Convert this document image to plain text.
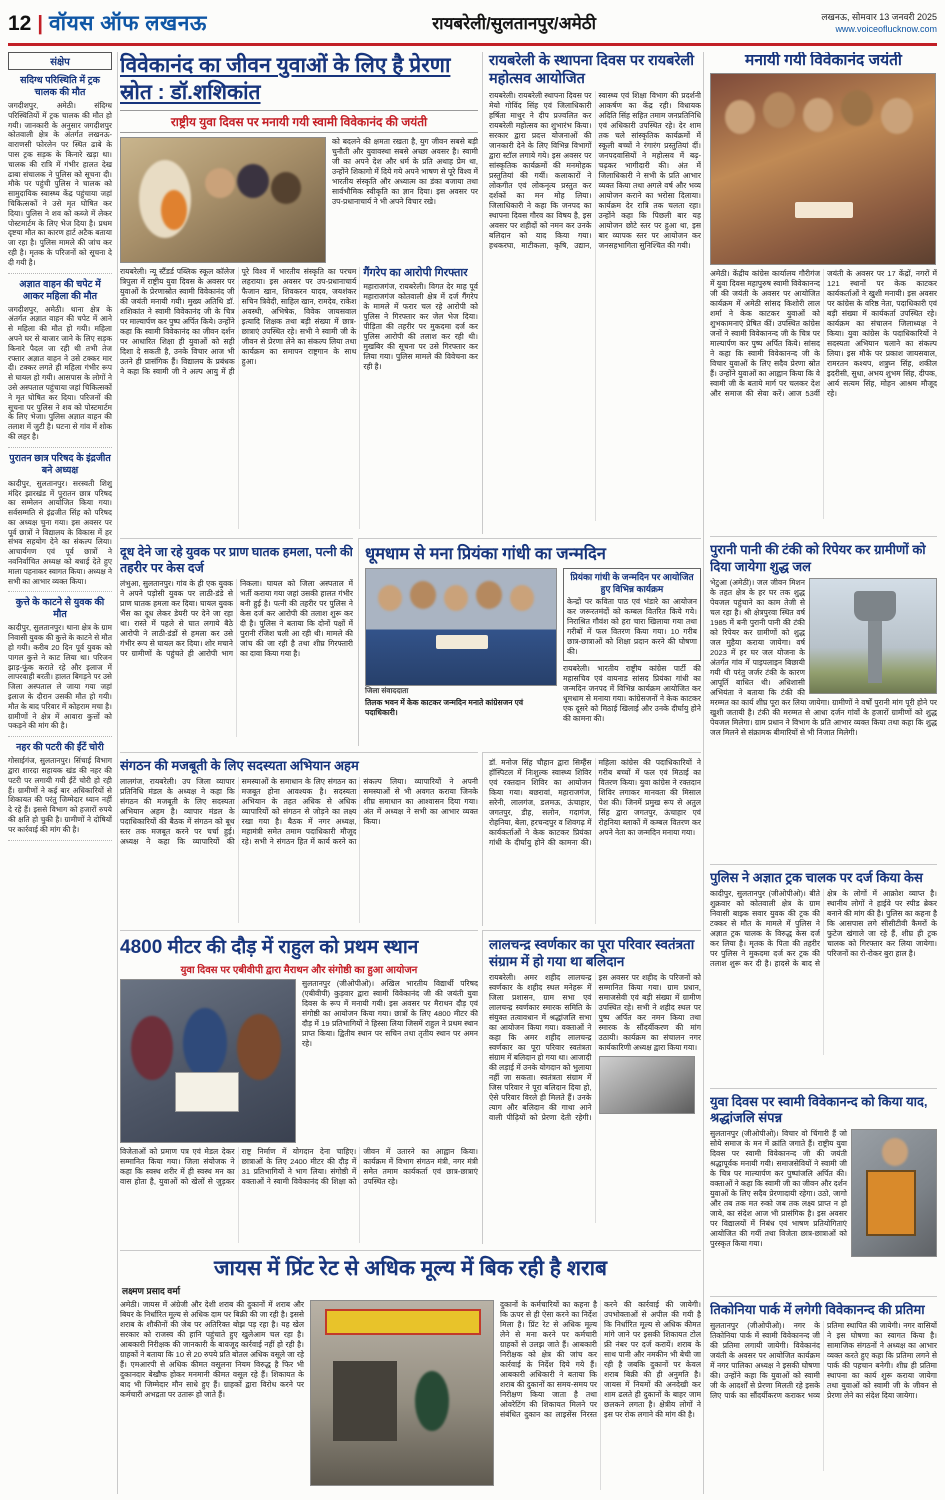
12 | वॉयस ऑफ लखनऊ	रायबरेली/सुलतानपुर/अमेठी	लखनऊ, सोमवार 13 जनवरी 2025
www.voiceoflucknow.com
संक्षेप
सदिग्ध परिस्थिति में ट्रक चालक की मौत
जगदीशपुर, अमेठी। संदिग्ध परिस्थितियों में ट्रक चालक की मौत हो गयी। जानकारी के अनुसार जगदीशपुर कोतवाली क्षेत्र के अंतर्गत लखनऊ-वाराणसी फोरलेन पर स्थित ढाबे के पास ट्रक सड़क के किनारे खड़ा था। चालक की रात्रि में गंभीर हालत देख ढाबा संचालक ने पुलिस को सूचना दी। मौके पर पहुंची पुलिस ने चालक को सामुदायिक स्वास्थ्य केंद्र पहुंचाया जहां चिकित्सकों ने उसे मृत घोषित कर दिया। पुलिस ने शव को कब्जे में लेकर पोस्टमार्टम के लिए भेज दिया है। प्रथम दृष्टया मौत का कारण हार्ट अटैक बताया जा रहा है। पुलिस मामले की जांच कर रही है। मृतक के परिजनों को सूचना दे दी गयी है।
अज्ञात वाहन की चपेट में आकर महिला की मौत
जगदीशपुर, अमेठी। थाना क्षेत्र के अंतर्गत अज्ञात वाहन की चपेट में आने से महिला की मौत हो गयी। महिला अपने घर से बाजार जाने के लिए सड़क किनारे पैदल जा रही थी तभी तेज रफ्तार अज्ञात वाहन ने उसे टक्कर मार दी। टक्कर लगते ही महिला गंभीर रूप से घायल हो गयी। आसपास के लोगों ने उसे अस्पताल पहुंचाया जहां चिकित्सकों ने मृत घोषित कर दिया। परिजनों की सूचना पर पुलिस ने शव को पोस्टमार्टम के लिए भेजा। पुलिस अज्ञात वाहन की तलाश में जुटी है। घटना से गांव में शोक की लहर है।
पुरातन छात्र परिषद के इंद्रजीत बने अध्यक्ष
कादीपुर, सुलतानपुर। सरस्वती शिशु मंदिर झारखंड में पुरातन छात्र परिषद का सम्मेलन आयोजित किया गया। सर्वसम्मति से इंद्रजीत सिंह को परिषद का अध्यक्ष चुना गया। इस अवसर पर पूर्व छात्रों ने विद्यालय के विकास में हर संभव सहयोग देने का संकल्प लिया। आचार्यगण एवं पूर्व छात्रों ने नवनिर्वाचित अध्यक्ष को बधाई देते हुए माला पहनाकर स्वागत किया। अध्यक्ष ने सभी का आभार व्यक्त किया।
कुत्ते के काटने से युवक की मौत
कादीपुर, सुलतानपुर। थाना क्षेत्र के ग्राम निवासी युवक की कुत्ते के काटने से मौत हो गयी। करीब 20 दिन पूर्व युवक को पागल कुत्ते ने काट लिया था। परिजन झाड़-फूंक कराते रहे और इलाज में लापरवाही बरती। हालत बिगड़ने पर उसे जिला अस्पताल ले जाया गया जहां इलाज के दौरान उसकी मौत हो गयी। मौत के बाद परिवार में कोहराम मचा है। ग्रामीणों ने क्षेत्र में आवारा कुत्तों को पकड़ने की मांग की है।
नहर की पटरी की ईंटें चोरी
गोसाईगंज, सुलतानपुर। सिंचाई विभाग द्वारा शारदा सहायक खंड की नहर की पटरी पर लगायी गयी ईंटें चोरी हो रही हैं। ग्रामीणों ने कई बार अधिकारियों से शिकायत की परंतु जिम्मेदार ध्यान नहीं दे रहे हैं। इससे विभाग को हजारों रुपये की क्षति हो चुकी है। ग्रामीणों ने दोषियों पर कार्रवाई की मांग की है।
विवेकानंद का जीवन युवाओं के लिए है प्रेरणा स्रोत : डॉ.शशिकांत
राष्ट्रीय युवा दिवस पर मनायी गयी स्वामी विवेकानंद की जयंती
को बदलने की क्षमता रखता है, युग जीवन सबसे बड़ी चुनौती और युवावस्था सबसे अच्छा अवसर है। स्वामी जी का अपने देश और धर्म के प्रति अथाह प्रेम था, उन्होंने शिकागो में दिये गये अपने भाषण से पूरे विश्व में भारतीय संस्कृति और अध्यात्म का डंका बजाया तथा सार्वभौमिक स्वीकृति का ज्ञान दिया। इस अवसर पर उप-प्रधानाचार्य ने भी अपने विचार रखे।

रायबरेली। न्यू स्टैंडर्ड पब्लिक स्कूल कॉलेज त्रिपुला में राष्ट्रीय युवा दिवस के अवसर पर युवाओं के प्रेरणास्रोत स्वामी विवेकानंद जी की जयंती मनायी गयी। मुख्य अतिथि डॉ. शशिकांत ने स्वामी विवेकानंद जी के चित्र पर माल्यार्पण कर पुष्प अर्पित किये। उन्होंने कहा कि स्वामी विवेकानंद का जीवन दर्शन पर आधारित शिक्षा ही युवाओं को सही दिशा दे सकती है, उनके विचार आज भी उतने ही प्रासंगिक हैं। विद्यालय के प्रबंधक ने कहा कि स्वामी जी ने अल्प आयु में ही पूरे विश्व में भारतीय संस्कृति का परचम लहराया। इस अवसर पर उप-प्रधानाचार्य फैजान खान, शिवकरन यादव, जयशंकर सचिन त्रिवेदी, साहिल खान, रामदेव, राकेश अवस्थी, अभिषेक, विवेक जायसवाल इत्यादि शिक्षक तथा बड़ी संख्या में छात्र-छात्राएं उपस्थित रहे। सभी ने स्वामी जी के जीवन से प्रेरणा लेने का संकल्प लिया तथा कार्यक्रम का समापन राष्ट्रगान के साथ हुआ।

गैंगरेप का आरोपी गिरफ्तार

महाराजगंज, रायबरेली। विगत देर माह पूर्व महाराजगंज कोतवाली क्षेत्र में दर्ज गैंगरेप के मामले में फरार चल रहे आरोपी को पुलिस ने गिरफ्तार कर जेल भेज दिया। पीड़िता की तहरीर पर मुकदमा दर्ज कर पुलिस आरोपी की तलाश कर रही थी। मुखबिर की सूचना पर उसे गिरफ्तार कर लिया गया। पुलिस मामले की विवेचना कर रही है।

रायबरेली के स्थापना दिवस पर रायबरेली महोत्सव आयोजित
रायबरेली। रायबरेली स्थापना दिवस पर मेयो गोविंद सिंह एवं जिलाधिकारी हर्षिता माथुर ने दीप प्रज्वलित कर रायबरेली महोत्सव का शुभारंभ किया। सरकार द्वारा प्रदत्त योजनाओं की जानकारी देने के लिए विभिन्न विभागों द्वारा स्टॉल लगाये गये। इस अवसर पर सांस्कृतिक कार्यक्रमों की मनमोहक प्रस्तुतियां की गयीं। कलाकारों ने लोकगीत एवं लोकनृत्य प्रस्तुत कर दर्शकों का मन मोह लिया। जिलाधिकारी ने कहा कि जनपद का स्थापना दिवस गौरव का विषय है, इस अवसर पर शहीदों को नमन कर उनके बलिदान को याद किया गया। हथकरघा, माटीकला, कृषि, उद्यान, स्वास्थ्य एवं शिक्षा विभाग की प्रदर्शनी आकर्षण का केंद्र रही। विधायक अदिति सिंह सहित तमाम जनप्रतिनिधि एवं अधिकारी उपस्थित रहे। देर शाम तक चले सांस्कृतिक कार्यक्रमों में स्कूली बच्चों ने रंगारंग प्रस्तुतियां दीं। जनपदवासियों ने महोत्सव में बढ़-चढ़कर भागीदारी की। अंत में जिलाधिकारी ने सभी के प्रति आभार व्यक्त किया तथा अगले वर्ष और भव्य आयोजन कराने का भरोसा दिलाया। कार्यक्रम देर रात्रि तक चलता रहा। उन्होंने कहा कि पिछली बार यह आयोजन छोटे स्तर पर हुआ था, इस बार व्यापक स्तर पर आयोजन कर जनसहभागिता सुनिश्चित की गयी।
दूध देने जा रहे युवक पर प्राण घातक हमला, पत्नी की तहरीर पर केस दर्ज
लंभुआ, सुलतानपुर। गांव के ही एक युवक ने अपने पड़ोसी युवक पर लाठी-डंडे से प्राण घातक हमला कर दिया। घायल युवक भैंस का दूध लेकर डेयरी पर देने जा रहा था। रास्ते में पहले से घात लगाये बैठे आरोपी ने लाठी-डंडों से हमला कर उसे गंभीर रूप से घायल कर दिया। शोर मचाने पर ग्रामीणों के पहुंचते ही आरोपी भाग निकला। घायल को जिला अस्पताल में भर्ती कराया गया जहां उसकी हालत गंभीर बनी हुई है। पत्नी की तहरीर पर पुलिस ने केस दर्ज कर आरोपी की तलाश शुरू कर दी है। पुलिस ने बताया कि दोनों पक्षों में पुरानी रंजिश चली आ रही थी। मामले की जांच की जा रही है तथा शीघ्र गिरफ्तारी का दावा किया गया है।
धूमधाम से मना प्रियंका गांधी का जन्मदिन
जिला संवाददाता
तिलक भवन में केक काटकर जन्मदिन मनाते कांग्रेसजन एवं पदाधिकारी।
प्रियंका गांधी के जन्मदिन पर आयोजित हुए विभिन्न कार्यक्रम
केन्द्रों पर कविता पाठ एवं भंडारे का आयोजन कर जरूरतमंदों को कम्बल वितरित किये गये। निराश्रित गौवंश को हरा चारा खिलाया गया तथा गरीबों में फल वितरण किया गया। 10 गरीब छात्र-छात्राओं को शिक्षा प्रदान करने की घोषणा की।
रायबरेली। भारतीय राष्ट्रीय कांग्रेस पार्टी की महासचिव एवं वायनाड सांसद प्रियंका गांधी का जन्मदिन जनपद में विभिन्न कार्यक्रम आयोजित कर धूमधाम से मनाया गया। कांग्रेसजनों ने केक काटकर एक दूसरे को मिठाई खिलाई और उनके दीर्घायु होने की कामना की।
संगठन की मजबूती के लिए सदस्यता अभियान अहम
लालगंज, रायबरेली। उप जिला व्यापार प्रतिनिधि मंडल के अध्यक्ष ने कहा कि संगठन की मजबूती के लिए सदस्यता अभियान अहम है। व्यापार मंडल के पदाधिकारियों की बैठक में संगठन को बूथ स्तर तक मजबूत करने पर चर्चा हुई। अध्यक्ष ने कहा कि व्यापारियों की समस्याओं के समाधान के लिए संगठन का मजबूत होना आवश्यक है। सदस्यता अभियान के तहत अधिक से अधिक व्यापारियों को संगठन से जोड़ने का लक्ष्य रखा गया है। बैठक में नगर अध्यक्ष, महामंत्री समेत तमाम पदाधिकारी मौजूद रहे। सभी ने संगठन हित में कार्य करने का संकल्प लिया। व्यापारियों ने अपनी समस्याओं से भी अवगत कराया जिनके शीघ्र समाधान का आश्वासन दिया गया। अंत में अध्यक्ष ने सभी का आभार व्यक्त किया।
डॉ. मनोज सिंह चौहान द्वारा सिम्हैंस हॉस्पिटल में निःशुल्क स्वास्थ्य शिविर एवं रक्तदान शिविर का आयोजन किया गया। बछरावां, महाराजगंज, सरेनी, लालगंज, डलमऊ, ऊंचाहार, जगतपुर, डीह, सलोन, गदागंज, रोहनिया, बेला, हरचन्दपुर व शिवगढ़ में कार्यकर्ताओं ने केक काटकर प्रियंका गांधी के दीर्घायु होने की कामना की। महिला कांग्रेस की पदाधिकारियों ने गरीब बच्चों में फल एवं मिठाई का वितरण किया। युवा कांग्रेस ने रक्तदान शिविर लगाकर मानवता की मिसाल पेश की। जिनमें प्रमुख रूप से अतुल सिंह द्वारा जगतपुर, ऊंचाहार एवं रोहनिया ब्लाकों में कम्बल वितरण कर अपने नेता का जन्मदिन मनाया गया।
4800 मीटर की दौड़ में राहुल को प्रथम स्थान
युवा दिवस पर एबीवीपी द्वारा मैराथन और संगोष्ठी का हुआ आयोजन
सुलतानपुर (जीओपीओ)। अखिल भारतीय विद्यार्थी परिषद (एबीवीपी) कुड़वार द्वारा स्वामी विवेकानंद जी की जयंती युवा दिवस के रूप में मनायी गयी। इस अवसर पर मैराथन दौड़ एवं संगोष्ठी का आयोजन किया गया। छात्रों के लिए 4800 मीटर की दौड़ में 19 प्रतिभागियों ने हिस्सा लिया जिसमें राहुल ने प्रथम स्थान प्राप्त किया। द्वितीय स्थान पर सचिन तथा तृतीय स्थान पर अमन रहे।
विजेताओं को प्रमाण पत्र एवं मेडल देकर सम्मानित किया गया। जिला संयोजक ने कहा कि स्वस्थ शरीर में ही स्वस्थ मन का वास होता है, युवाओं को खेलों से जुड़कर राष्ट्र निर्माण में योगदान देना चाहिए। छात्राओं के लिए 2400 मीटर की दौड़ में 31 प्रतिभागियों ने भाग लिया। संगोष्ठी में वक्ताओं ने स्वामी विवेकानंद की शिक्षा को जीवन में उतारने का आह्वान किया। कार्यक्रम में विभाग संगठन मंत्री, नगर मंत्री समेत तमाम कार्यकर्ता एवं छात्र-छात्राएं उपस्थित रहे।
लालचन्द्र स्वर्णकार का पूरा परिवार स्वतंत्रता संग्राम में हो गया था बलिदान

रायबरेली। अमर शहीद लालचन्द्र स्वर्णकार के शहीद स्थल मनेहरू में जिला प्रशासन, ग्राम सभा एवं लालचन्द्र स्वर्णकार स्मारक समिति के संयुक्त तत्वावधान में श्रद्धांजलि सभा का आयोजन किया गया। वक्ताओं ने कहा कि अमर शहीद लालचन्द्र स्वर्णकार का पूरा परिवार स्वतंत्रता संग्राम में बलिदान हो गया था। आजादी की लड़ाई में उनके योगदान को भुलाया नहीं जा सकता। स्वतंत्रता संग्राम में जिस परिवार ने पूरा बलिदान दिया हो, ऐसे परिवार विरले ही मिलते हैं। उनके त्याग और बलिदान की गाथा आने वाली पीढ़ियों को प्रेरणा देती रहेगी। इस अवसर पर शहीद के परिजनों को सम्मानित किया गया। ग्राम प्रधान, समाजसेवी एवं बड़ी संख्या में ग्रामीण उपस्थित रहे। सभी ने शहीद स्थल पर पुष्प अर्पित कर नमन किया तथा स्मारक के सौंदर्यीकरण की मांग उठायी। कार्यक्रम का संचालन नगर कार्यकारिणी अध्यक्ष द्वारा किया गया।

जायस में प्रिंट रेट से अधिक मूल्य में बिक रही है शराब
लक्ष्मण प्रसाद वर्मा
अमेठी। जायस में अंग्रेजी और देशी शराब की दुकानों में शराब और बियर के निर्धारित मूल्य से अधिक दाम पर बिक्री की जा रही है। इससे शराब के शौकीनों की जेब पर अतिरिक्त बोझ पड़ रहा है। यह खेल सरकार को राजस्व की हानि पहुंचाते हुए खुलेआम चल रहा है। आबकारी निरीक्षक की जानकारी के बावजूद कार्रवाई नहीं हो रही है। ग्राहकों ने बताया कि 10 से 20 रुपये प्रति बोतल अधिक वसूले जा रहे हैं। एमआरपी से अधिक कीमत वसूलना नियम विरुद्ध है फिर भी दुकानदार बेखौफ होकर मनमानी कीमत वसूल रहे हैं। शिकायत के बाद भी जिम्मेदार मौन साधे हुए हैं। ग्राहकों द्वारा विरोध करने पर कर्मचारी अभद्रता पर उतारू हो जाते हैं।
दुकानों के कर्मचारियों का कहना है कि ऊपर से ही ऐसा करने का निर्देश मिला है। प्रिंट रेट से अधिक मूल्य लेने से मना करने पर कर्मचारी ग्राहकों से उलझ जाते हैं। आबकारी निरीक्षक को क्षेत्र की जांच कर कार्रवाई के निर्देश दिये गये हैं। आबकारी अधिकारी ने बताया कि शराब की दुकानों का समय-समय पर निरीक्षण किया जाता है तथा ओवरेटिंग की शिकायत मिलने पर संबंधित दुकान का लाइसेंस निरस्त करने की कार्रवाई की जायेगी। उपभोक्ताओं से अपील की गयी है कि निर्धारित मूल्य से अधिक कीमत मांगे जाने पर इसकी शिकायत टोल फ्री नंबर पर दर्ज करायें। शराब के साथ पानी और नमकीन भी बेची जा रही है जबकि दुकानों पर केवल शराब बिक्री की ही अनुमति है। जायस में नियमों की अनदेखी कर शाम ढलते ही दुकानों के बाहर जाम छलकने लगता है। क्षेत्रीय लोगों ने इस पर रोक लगाने की मांग की है।
मनायी गयी विवेकानंद जयंती
अमेठी। केंद्रीय कांग्रेस कार्यालय गौरीगंज में युवा दिवस महापुरुष स्वामी विवेकानन्द जी की जयंती के अवसर पर आयोजित कार्यक्रम में अमेठी सांसद किशोरी लाल शर्मा ने केक काटकर युवाओं को शुभकामनाएं प्रेषित कीं। उपस्थित कांग्रेस जनों ने स्वामी विवेकानन्द जी के चित्र पर माल्यार्पण कर पुष्प अर्पित किये। सांसद ने कहा कि स्वामी विवेकानन्द जी के विचार युवाओं के लिए सदैव प्रेरणा स्रोत हैं। उन्होंने युवाओं का आह्वान किया कि वे स्वामी जी के बताये मार्ग पर चलकर देश और समाज की सेवा करें। आज 53वीं जयंती के अवसर पर 17 केंद्रों, नगरों में 121 स्थानों पर केक काटकर कार्यकर्ताओं ने खुशी मनायी। इस अवसर पर कांग्रेस के वरिष्ठ नेता, पदाधिकारी एवं बड़ी संख्या में कार्यकर्ता उपस्थित रहे। कार्यक्रम का संचालन जिलाध्यक्ष ने किया। युवा कांग्रेस के पदाधिकारियों ने सदस्यता अभियान चलाने का संकल्प लिया। इस मौके पर प्रकाश जायसवाल, रामरतन कश्यप, शत्रुघ्न सिंह, शकील इदरीसी, सुधा, अभय शुभम सिंह, दीपक, आर्य सत्यम सिंह, मोहन आश्रम मौजूद रहे।
पुरानी पानी की टंकी को रिपेयर कर ग्रामीणों को दिया जायेगा शुद्ध जल
भेटुआ (अमेठी)। जल जीवन मिशन के तहत क्षेत्र के हर घर तक शुद्ध पेयजल पहुंचाने का काम तेजी से चल रहा है। श्री क्षेत्रपुरवा स्थित वर्ष 1985 में बनी पुरानी पानी की टंकी को रिपेयर कर ग्रामीणों को शुद्ध जल मुहैया कराया जायेगा। वर्ष 2023 में हर घर जल योजना के अंतर्गत गांव में पाइपलाइन बिछायी गयी थी परंतु जर्जर टंकी के कारण आपूर्ति बाधित थी। अधिशासी अभियंता ने बताया कि टंकी की मरम्मत का कार्य शीघ्र पूरा कर लिया जायेगा। ग्रामीणों ने वर्षों पुरानी मांग पूरी होने पर खुशी जतायी है। टंकी की मरम्मत से आधा दर्जन गांवों के हजारों ग्रामीणों को शुद्ध पेयजल मिलेगा। ग्राम प्रधान ने विभाग के प्रति आभार व्यक्त किया तथा कहा कि शुद्ध जल मिलने से संक्रामक बीमारियों से भी निजात मिलेगी।
पुलिस ने अज्ञात ट्रक चालक पर दर्ज किया केस
कादीपुर, सुलतानपुर (जीओपीओ)। बीते शुक्रवार को कोतवाली क्षेत्र के ग्राम निवासी बाइक सवार युवक की ट्रक की टक्कर से मौत के मामले में पुलिस ने अज्ञात ट्रक चालक के विरुद्ध केस दर्ज कर लिया है। मृतक के पिता की तहरीर पर पुलिस ने मुकदमा दर्ज कर ट्रक की तलाश शुरू कर दी है। हादसे के बाद से क्षेत्र के लोगों में आक्रोश व्याप्त है। स्थानीय लोगों ने हाईवे पर स्पीड ब्रेकर बनाने की मांग की है। पुलिस का कहना है कि आसपास लगे सीसीटीवी कैमरों के फुटेज खंगाले जा रहे हैं, शीघ्र ही ट्रक चालक को गिरफ्तार कर लिया जायेगा। परिजनों का रो-रोकर बुरा हाल है।
युवा दिवस पर स्वामी विवेकानन्द को किया याद, श्रद्धांजलि संपन्न
सुलतानपुर (जीओपीओ)। विचार वो चिंगारी हैं जो सोये समाज के मन में क्रांति जगाते हैं। राष्ट्रीय युवा दिवस पर स्वामी विवेकानन्द जी की जयंती श्रद्धापूर्वक मनायी गयी। समाजसेवियों ने स्वामी जी के चित्र पर माल्यार्पण कर पुष्पांजलि अर्पित की। वक्ताओं ने कहा कि स्वामी जी का जीवन और दर्शन युवाओं के लिए सदैव प्रेरणादायी रहेगा। उठो, जागो और तब तक मत रुको जब तक लक्ष्य प्राप्त न हो जाये, का संदेश आज भी प्रासंगिक है। इस अवसर पर विद्यालयों में निबंध एवं भाषण प्रतियोगिताएं आयोजित की गयीं तथा विजेता छात्र-छात्राओं को पुरस्कृत किया गया।
तिकोनिया पार्क में लगेगी विवेकानन्द की प्रतिमा
सुलतानपुर (जीओपीओ)। नगर के तिकोनिया पार्क में स्वामी विवेकानन्द जी की प्रतिमा लगायी जायेगी। विवेकानंद जयंती के अवसर पर आयोजित कार्यक्रम में नगर पालिका अध्यक्ष ने इसकी घोषणा की। उन्होंने कहा कि युवाओं को स्वामी जी के आदर्शों से प्रेरणा मिलती रहे इसके लिए पार्क का सौंदर्यीकरण कराकर भव्य प्रतिमा स्थापित की जायेगी। नगर वासियों ने इस घोषणा का स्वागत किया है। सामाजिक संगठनों ने अध्यक्ष का आभार व्यक्त करते हुए कहा कि प्रतिमा लगने से पार्क की पहचान बनेगी। शीघ्र ही प्रतिमा स्थापना का कार्य शुरू कराया जायेगा तथा युवाओं को स्वामी जी के जीवन से प्रेरणा लेने का संदेश दिया जायेगा।
